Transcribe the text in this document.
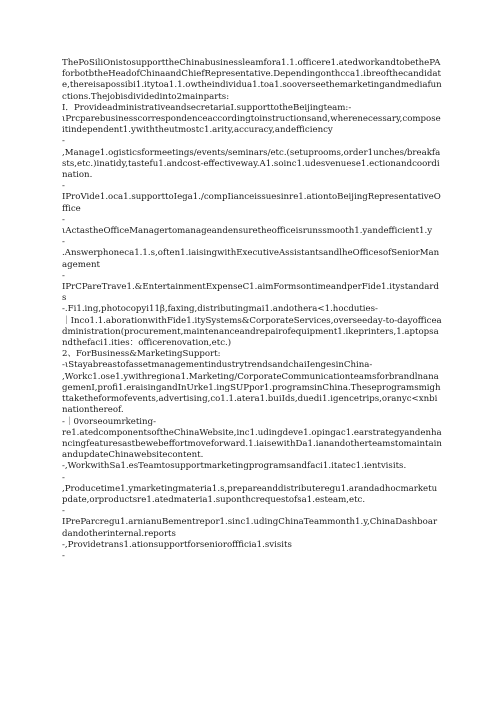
ThePoSiliOnistosupporttheChinabusinessleamfora1.1.officere1.atedworkandtobethePAforbotbtheHeadofChinaandChiefRepresentative.Dependingonthcca1.ibreofthecandidate,thereisapossibi1.itytoa1.1.owtheindividua1.toa1.sooverseethemarketingandmediafunctions.Thejobisdividedinto2mainparts:

I．ProvideadministrativeandsecretariaI.supporttotheBeijingteam:-

ιPrcparebusinesscorrespondenceaccordingtoinstructionsand,wherenecessary,composeitindependent1.ywiththeutmostc1.arity,accuracy,andefficiency

-

,Manage1.ogisticsformeetings/events/seminars/etc.(setuprooms,order1unches/breakfasts,etc.)inatidy,tastefu1.andcost-effectiveway.A1.soinc1.udesvenuese1.ectionandcoordination.

-

IProVide1.oca1.supporttoIega1./compIianceissuesinre1.ationtoBeijingRepresentativeOffice

-

ιActastheOfficeManagertomanageandensuretheofficeisrunssmooth1.yandefficient1.y

-

.Answerphoneca1.1.s,often1.iaisingwithExecutiveAssistantsandlheOfficesofSeniorManagement

-

IPrCPareTrave1.&EntertainmentExpenseC1.aimFormsontimeandperFide1.itystandards

-.Fi1.ing,photocopyi11β,faxing,distributingmai1.andothera<1.hocduties-

｜Inco1.1.aborationwithFide1.itySystems&CorporateServices,overseeday-to-dayofficeadministration(procurement,maintenanceandrepairofequipment1.ikeprinters,1.aptopsandthefaci1.ities：officerenovation,etc.)

2、ForBusiness&MarketingSupport:

-ιStayabreastofassetmanagementindustrytrendsandchaiIengesinChina-

,Workc1.ose1.ywithregiona1.Marketing/CorporateCommunicationteamsforbrandlnanagemenI,profi1.eraisingandInUrke1.ingSUPpor1.programsinChina.Theseprogramsmighttaketheformofevents,advertising,co1.1.atera1.buiIds,duedi1.igencetrips,oranyc<xnbinationthereof.

-｜0vorseoumrketing-

re1.atedcomponentsoftheChinaWebsite,inc1.udingdeve1.opingac1.earstrategyandenhancingfeaturesastbewebeffortmoveforward.1.iaisewithDa1.ianandotherteamstomaintainandupdateChinawebsitecontent.

-,WorkwithSa1.esTeamtosupportmarketingprogramsandfaci1.itatec1.ientvisits.

-

,Producetime1.ymarketingmateria1.s,prepareanddistributeregu1.arandadhocmarketupdate,orproductsre1.atedmateria1.suponthcrequestofsa1.esteam,etc.

-

IPreParcregu1.arnianuBementrepor1.sinc1.udingChinaTeammonth1.y,ChinaDashboardandotherinternal.reports

-,Providetrans1.ationsupportforsenioroffficia1.svisits

-
